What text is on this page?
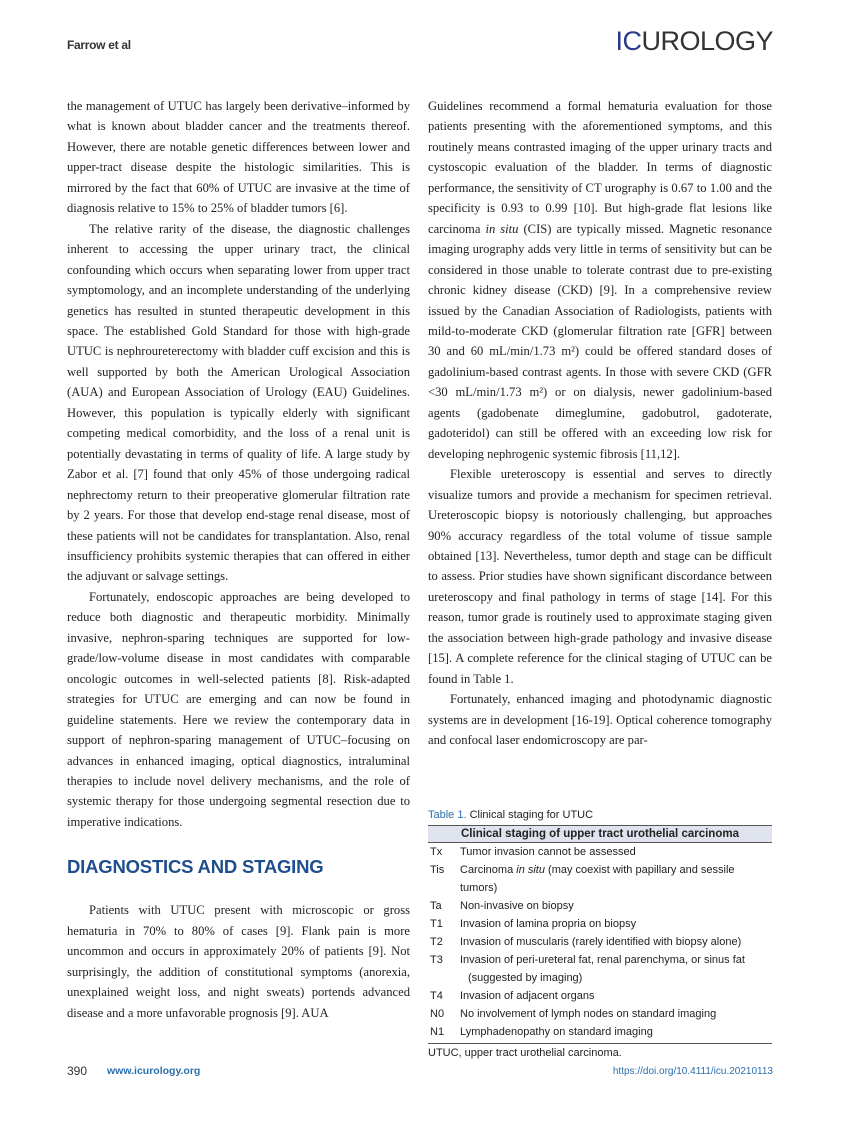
Farrow et al	ICUROLOGY

the management of UTUC has largely been derivative–informed by what is known about bladder cancer and the treatments thereof. However, there are notable genetic differences between lower and upper-tract disease despite the histologic similarities. This is mirrored by the fact that 60% of UTUC are invasive at the time of diagnosis relative to 15% to 25% of bladder tumors [6].

The relative rarity of the disease, the diagnostic challenges inherent to accessing the upper urinary tract, the clinical confounding which occurs when separating lower from upper tract symptomology, and an incomplete understanding of the underlying genetics has resulted in stunted therapeutic development in this space. The established Gold Standard for those with high-grade UTUC is nephroureterectomy with bladder cuff excision and this is well supported by both the American Urological Association (AUA) and European Association of Urology (EAU) Guidelines. However, this population is typically elderly with significant competing medical comorbidity, and the loss of a renal unit is potentially devastating in terms of quality of life. A large study by Zabor et al. [7] found that only 45% of those undergoing radical nephrectomy return to their preoperative glomerular filtration rate by 2 years. For those that develop end-stage renal disease, most of these patients will not be candidates for transplantation. Also, renal insufficiency prohibits systemic therapies that can offered in either the adjuvant or salvage settings.

Fortunately, endoscopic approaches are being developed to reduce both diagnostic and therapeutic morbidity. Minimally invasive, nephron-sparing techniques are supported for low-grade/low-volume disease in most candidates with comparable oncologic outcomes in well-selected patients [8]. Risk-adapted strategies for UTUC are emerging and can now be found in guideline statements. Here we review the contemporary data in support of nephron-sparing management of UTUC–focusing on advances in enhanced imaging, optical diagnostics, intraluminal therapies to include novel delivery mechanisms, and the role of systemic therapy for those undergoing segmental resection due to imperative indications.

DIAGNOSTICS AND STAGING

Patients with UTUC present with microscopic or gross hematuria in 70% to 80% of cases [9]. Flank pain is more uncommon and occurs in approximately 20% of patients [9]. Not surprisingly, the addition of constitutional symptoms (anorexia, unexplained weight loss, and night sweats) portends advanced disease and a more unfavorable prognosis [9]. AUA

Guidelines recommend a formal hematuria evaluation for those patients presenting with the aforementioned symptoms, and this routinely means contrasted imaging of the upper urinary tracts and cystoscopic evaluation of the bladder. In terms of diagnostic performance, the sensitivity of CT urography is 0.67 to 1.00 and the specificity is 0.93 to 0.99 [10]. But high-grade flat lesions like carcinoma in situ (CIS) are typically missed. Magnetic resonance imaging urography adds very little in terms of sensitivity but can be considered in those unable to tolerate contrast due to pre-existing chronic kidney disease (CKD) [9]. In a comprehensive review issued by the Canadian Association of Radiologists, patients with mild-to-moderate CKD (glomerular filtration rate [GFR] between 30 and 60 mL/min/1.73 m²) could be offered standard doses of gadolinium-based contrast agents. In those with severe CKD (GFR <30 mL/min/1.73 m²) or on dialysis, newer gadolinium-based agents (gadobenate dimeglumine, gadobutrol, gadoterate, gadoteridol) can still be offered with an exceeding low risk for developing nephrogenic systemic fibrosis [11,12].

Flexible ureteroscopy is essential and serves to directly visualize tumors and provide a mechanism for specimen retrieval. Ureteroscopic biopsy is notoriously challenging, but approaches 90% accuracy regardless of the total volume of tissue sample obtained [13]. Nevertheless, tumor depth and stage can be difficult to assess. Prior studies have shown significant discordance between ureteroscopy and final pathology in terms of stage [14]. For this reason, tumor grade is routinely used to approximate staging given the association between high-grade pathology and invasive disease [15]. A complete reference for the clinical staging of UTUC can be found in Table 1.

Fortunately, enhanced imaging and photodynamic diagnostic systems are in development [16-19]. Optical coherence tomography and confocal laser endomicroscopy are par-

Table 1. Clinical staging for UTUC
Clinical staging of upper tract urothelial carcinoma
Tx	Tumor invasion cannot be assessed
Tis	Carcinoma in situ (may coexist with papillary and sessile tumors)
Ta	Non-invasive on biopsy
T1	Invasion of lamina propria on biopsy
T2	Invasion of muscularis (rarely identified with biopsy alone)
T3	Invasion of peri-ureteral fat, renal parenchyma, or sinus fat
(suggested by imaging)
T4	Invasion of adjacent organs
N0	No involvement of lymph nodes on standard imaging
N1	Lymphadenopathy on standard imaging
UTUC, upper tract urothelial carcinoma.
390 www.icurology.org	https://doi.org/10.4111/icu.20210113
